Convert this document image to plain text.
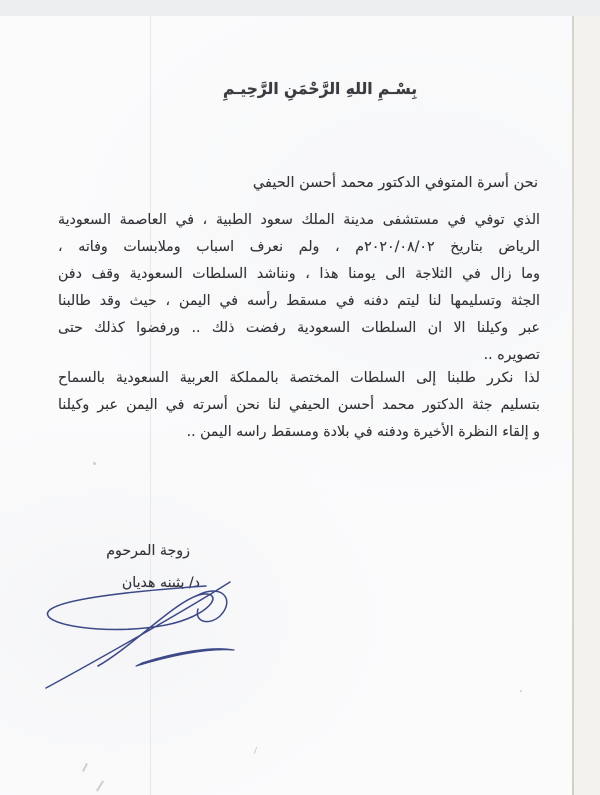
بِسْـمِ اللهِ الرَّحْمَنِ الرَّحِيـمِ
نحن أسرة المتوفي الدكتور محمد أحسن الحيفي
الذي توفي في مستشفى مدينة الملك سعود الطبية ، في العاصمة السعودية
الرياض بتاريخ ٢٠٢٠/٠٨/٠٢م ، ولم نعرف اسباب وملابسات وفاته ،
وما زال في الثلاجة الى يومنا هذا ، ونناشد السلطات السعودية وقف دفن
الجثة وتسليمها لنا ليتم دفنه في مسقط رأسه في اليمن ، حيث وقد طالبنا
عبر وكيلنا الا ان السلطات السعودية رفضت ذلك .. ورفضوا كذلك حتى
تصويره ..
لذا نكرر طلبنا إلى السلطات المختصة بالمملكة العربية السعودية بالسماح
بتسليم جثة الدكتور محمد أحسن الحيفي لنا نحن أسرته في اليمن عبر وكيلنا
و إلقاء النظرة الأخيرة ودفنه في بلادة ومسقط راسه اليمن ..
زوجة المرحوم
د/ بثينه هديان
